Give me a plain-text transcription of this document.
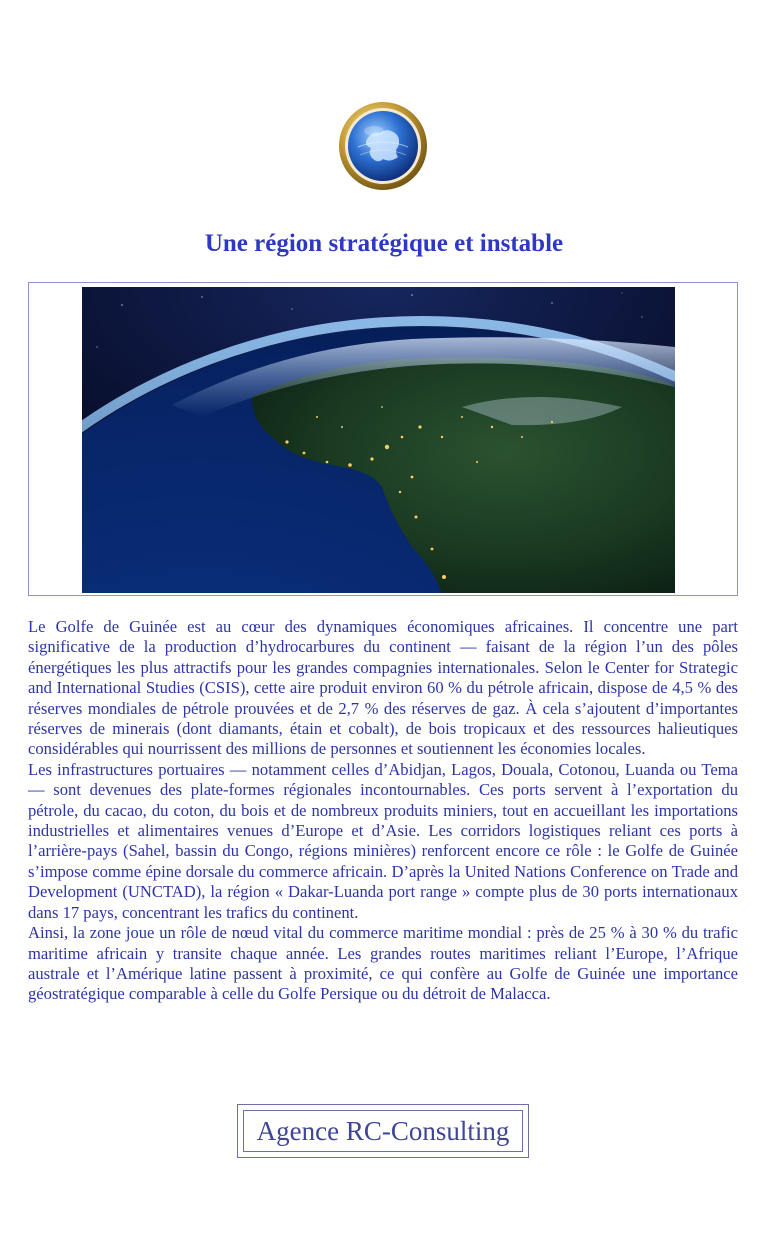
Une région stratégique et instable

Le Golfe de Guinée est au cœur des dynamiques économiques africaines. Il concentre une part significative de la production d’hydrocarbures du continent — faisant de la région l’un des pôles énergétiques les plus attractifs pour les grandes compagnies internationales. Selon le Center for Strategic and International Studies (CSIS), cette aire produit environ 60 % du pétrole africain, dispose de 4,5 % des réserves mondiales de pétrole prouvées et de 2,7 % des réserves de gaz. À cela s’ajoutent d’importantes réserves de minerais (dont diamants, étain et cobalt), de bois tropicaux et des ressources halieutiques considérables qui nourrissent des millions de personnes et soutiennent les économies locales.

Les infrastructures portuaires — notamment celles d’Abidjan, Lagos, Douala, Cotonou, Luanda ou Tema — sont devenues des plate-formes régionales incontournables. Ces ports servent à l’exportation du pétrole, du cacao, du coton, du bois et de nombreux produits miniers, tout en accueillant les importations industrielles et alimentaires venues d’Europe et d’Asie. Les corridors logistiques reliant ces ports à l’arrière-pays (Sahel, bassin du Congo, régions minières) renforcent encore ce rôle : le Golfe de Guinée s’impose comme épine dorsale du commerce africain. D’après la United Nations Conference on Trade and Development (UNCTAD), la région « Dakar-Luanda port range » compte plus de 30 ports internationaux dans 17 pays, concentrant les trafics du continent.

Ainsi, la zone joue un rôle de nœud vital du commerce maritime mondial : près de 25 % à 30 % du trafic maritime africain y transite chaque année. Les grandes routes maritimes reliant l’Europe, l’Afrique australe et l’Amérique latine passent à proximité, ce qui confère au Golfe de Guinée une importance géostratégique comparable à celle du Golfe Persique ou du détroit de Malacca.

Agence RC-Consulting
